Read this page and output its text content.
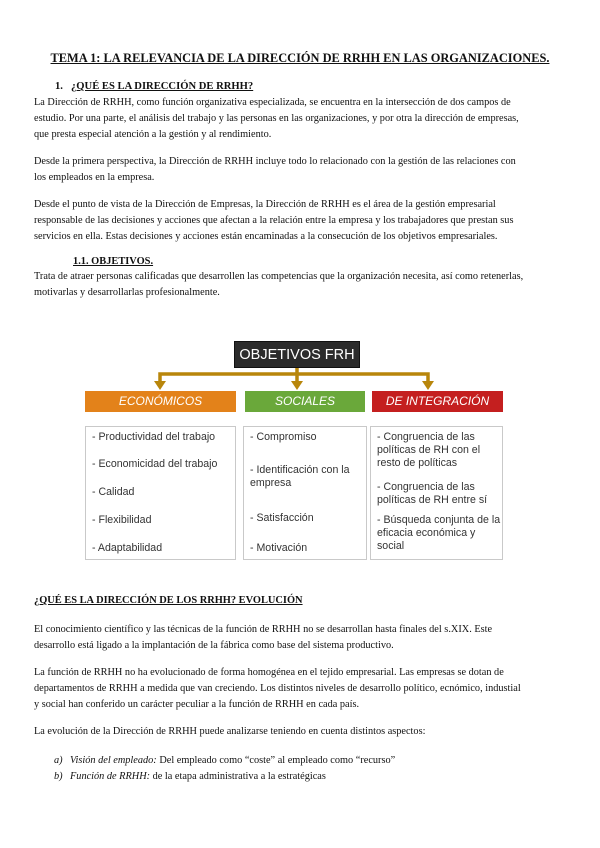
TEMA 1: LA RELEVANCIA DE LA DIRECCIÓN DE RRHH EN LAS ORGANIZACIONES.
1. ¿QUÉ ES LA DIRECCIÓN DE RRHH?
La Dirección de RRHH, como función organizativa especializada, se encuentra en la intersección de dos campos de
estudio. Por una parte, el análisis del trabajo y las personas en las organizaciones, y por otra la dirección de empresas,
que presta especial atención a la gestión y al rendimiento.
Desde la primera perspectiva, la Dirección de RRHH incluye todo lo relacionado con la gestión de las relaciones con
los empleados en la empresa.
Desde el punto de vista de la Dirección de Empresas, la Dirección de RRHH es el área de la gestión empresarial
responsable de las decisiones y acciones que afectan a la relación entre la empresa y los trabajadores que prestan sus
servicios en ella. Estas decisiones y acciones están encaminadas a la consecución de los objetivos empresariales.
1.1. OBJETIVOS.
Trata de atraer personas calificadas que desarrollen las competencias que la organización necesita, así como retenerlas,
motivarlas y desarrollarlas profesionalmente.
OBJETIVOS FRH
ECONÓMICOS	SOCIALES	DE INTEGRACIÓN
- Productividad del trabajo
- Economicidad del trabajo
- Calidad
- Flexibilidad
- Adaptabilidad
- Compromiso
- Identificación con la empresa
- Satisfacción
- Motivación
- Congruencia de las políticas de RH con el resto de políticas
- Congruencia de las políticas de RH entre sí
- Búsqueda conjunta de la eficacia económica y social
¿QUÉ ES LA DIRECCIÓN DE LOS RRHH? EVOLUCIÓN
El conocimiento científico y las técnicas de la función de RRHH no se desarrollan hasta finales del s.XIX. Este
desarrollo está ligado a la implantación de la fábrica como base del sistema productivo.
La función de RRHH no ha evolucionado de forma homogénea en el tejido empresarial. Las empresas se dotan de
departamentos de RRHH a medida que van creciendo. Los distintos niveles de desarrollo político, ecnómico, industial
y social han conferido un carácter peculiar a la función de RRHH en cada país.
La evolución de la Dirección de RRHH puede analizarse teniendo en cuenta distintos aspectos:
a) Visión del empleado: Del empleado como “coste” al empleado como “recurso”
b) Función de RRHH: de la etapa administrativa a la estratégicas
